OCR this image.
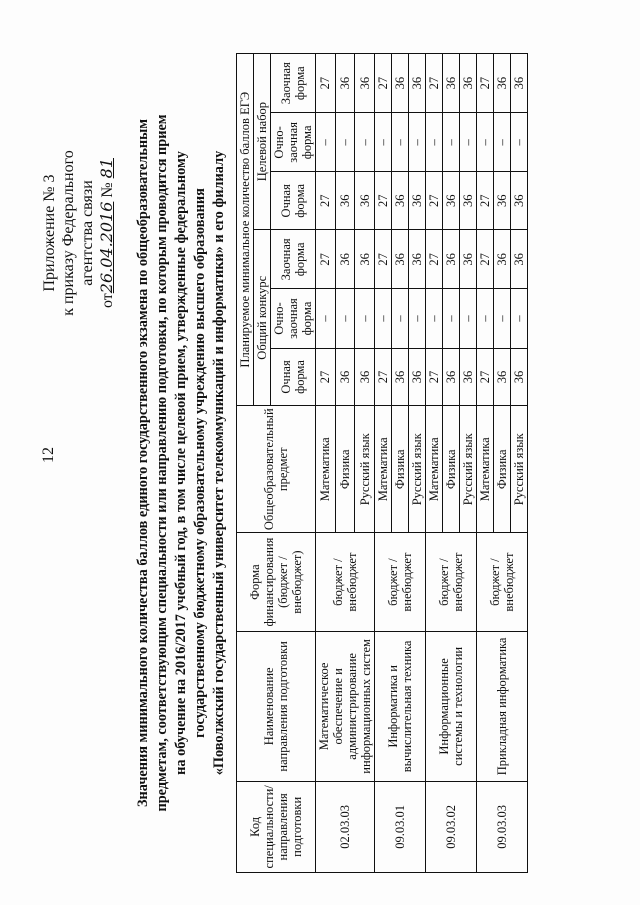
12
Приложение № 3 к приказу Федерального агентства связи
от26.04.2016 № 81 Значения минимального количества баллов единого государственного экзамена по общеобразовательным предметам, соответствующим специальности или направлению подготовки, по которым проводится прием на обучение на 2016/2017 учебный год, в том числе целевой прием, утвержденные федеральному государственному бюджетному образовательному учреждению высшего образования «Поволжский государственный университет телекоммуникаций и информатики» и его филиалу
Код специальности/ направления подготовки	Наименование направления подготовки	Форма финансирования (бюджет / внебюджет)	Общеобразовательный предмет	Планируемое минимальное количество баллов ЕГЭ					
				Общий конкурс			Целевой набор		
				Очная форма	Очно- заочная форма	Заочная форма	Очная форма	Очно- заочная форма	Заочная форма
02.03.03	Математическое обеспечение и администрирование информационных систем	бюджет / внебюджет	Математика	27	–	27	27	–	27
			Физика	36	–	36	36	–	36
			Русский язык	36	–	36	36	–	36
09.03.01	Информатика и вычислительная техника	бюджет / внебюджет	Математика	27	–	27	27	–	27
			Физика	36	–	36	36	–	36
			Русский язык	36	–	36	36	–	36
09.03.02	Информационные системы и технологии	бюджет / внебюджет	Математика	27	–	27	27	–	27
			Физика	36	–	36	36	–	36
			Русский язык	36	–	36	36	–	36
09.03.03	Прикладная информатика	бюджет / внебюджет	Математика	27	–	27	27	–	27
			Физика	36	–	36	36	–	36
			Русский язык	36	–	36	36	–	36
